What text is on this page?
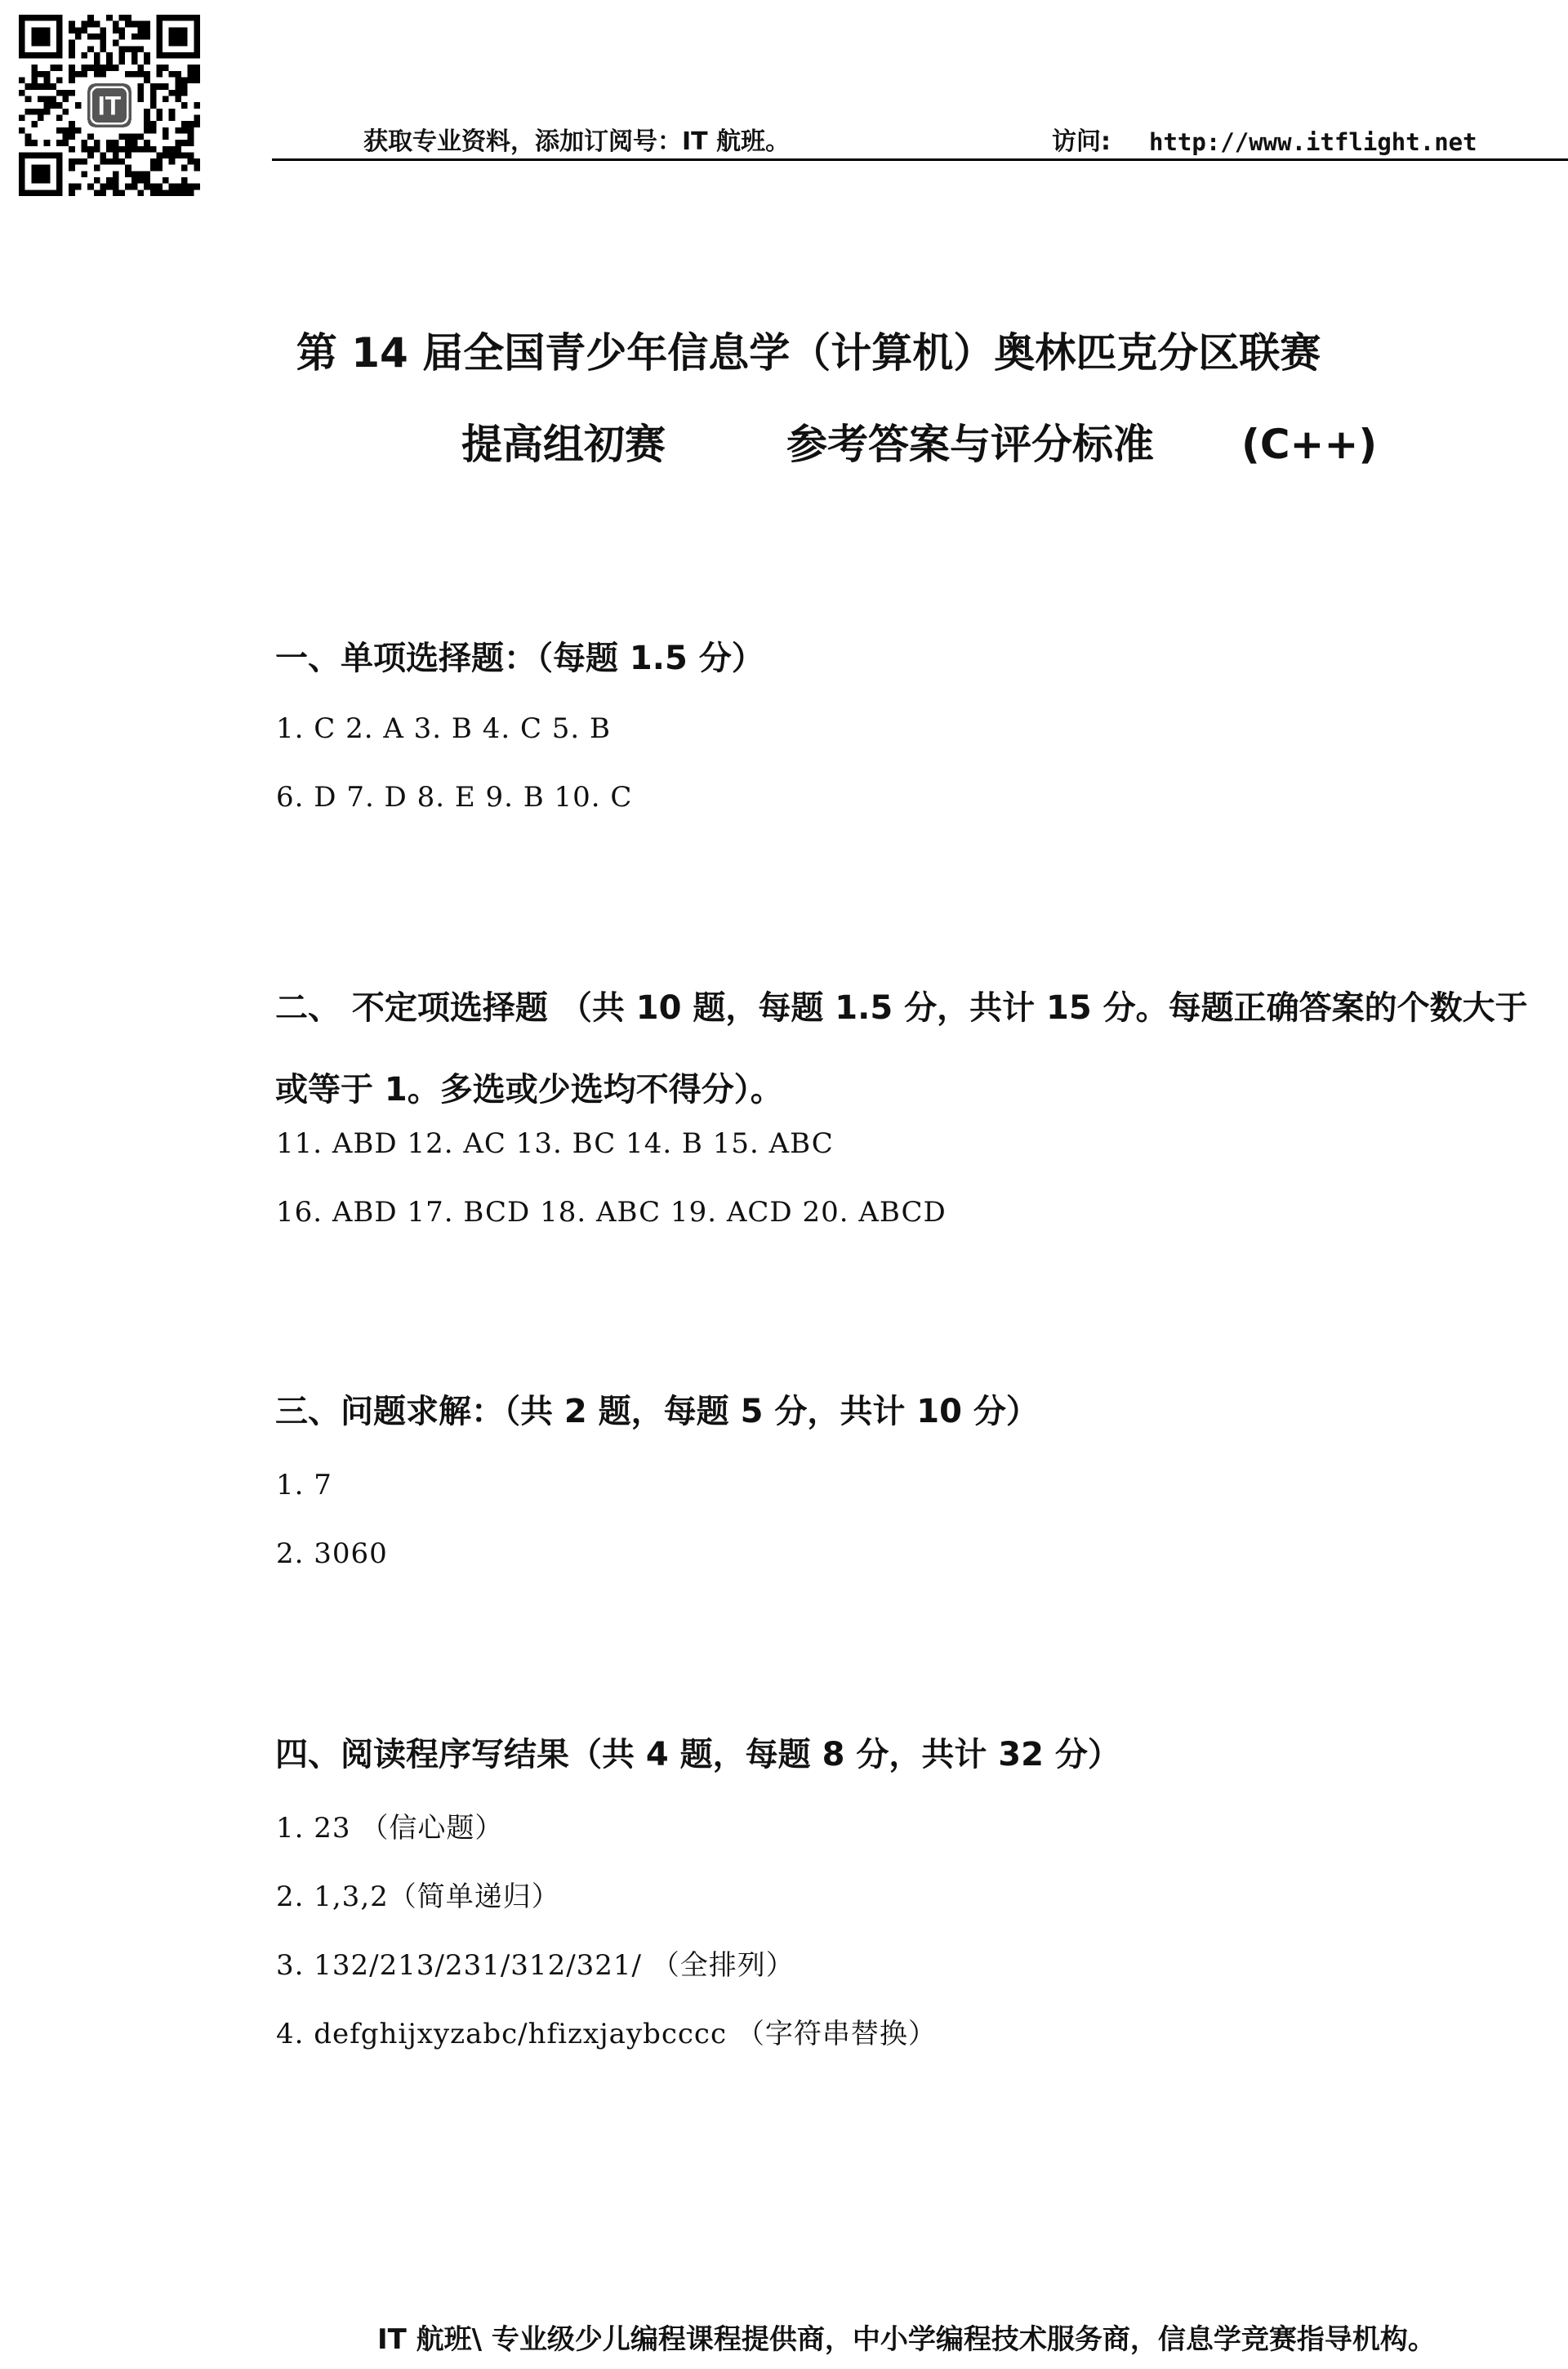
IT
获取专业资料，添加订阅号：IT 航班。	访问: http://www.itflight.net
第 14 届全国青少年信息学（计算机）奥林匹克分区联赛
提高组初赛	参考答案与评分标准 (C++)
一、单项选择题：（每题 1.5 分）
1. C 2. A 3. B 4. C 5. B
6. D 7. D 8. E 9. B 10. C
二、 不定项选择题 （共 10 题，每题 1.5 分，共计 15 分。每题正确答案的个数大于或等于 1。多选或少选均不得分）。
11. ABD 12. AC 13. BC 14. B 15. ABC
16. ABD 17. BCD 18. ABC 19. ACD 20. ABCD
三、问题求解：（共 2 题，每题 5 分，共计 10 分）
1. 7
2. 3060
四、阅读程序写结果（共 4 题，每题 8 分，共计 32 分）
1. 23 （信心题）
2. 1,3,2（简单递归）
3. 132/213/231/312/321/ （全排列）
4. defghijxyzabc/hfizxjaybcccc （字符串替换）
IT 航班\ 专业级少儿编程课程提供商，中小学编程技术服务商，信息学竞赛指导机构。
